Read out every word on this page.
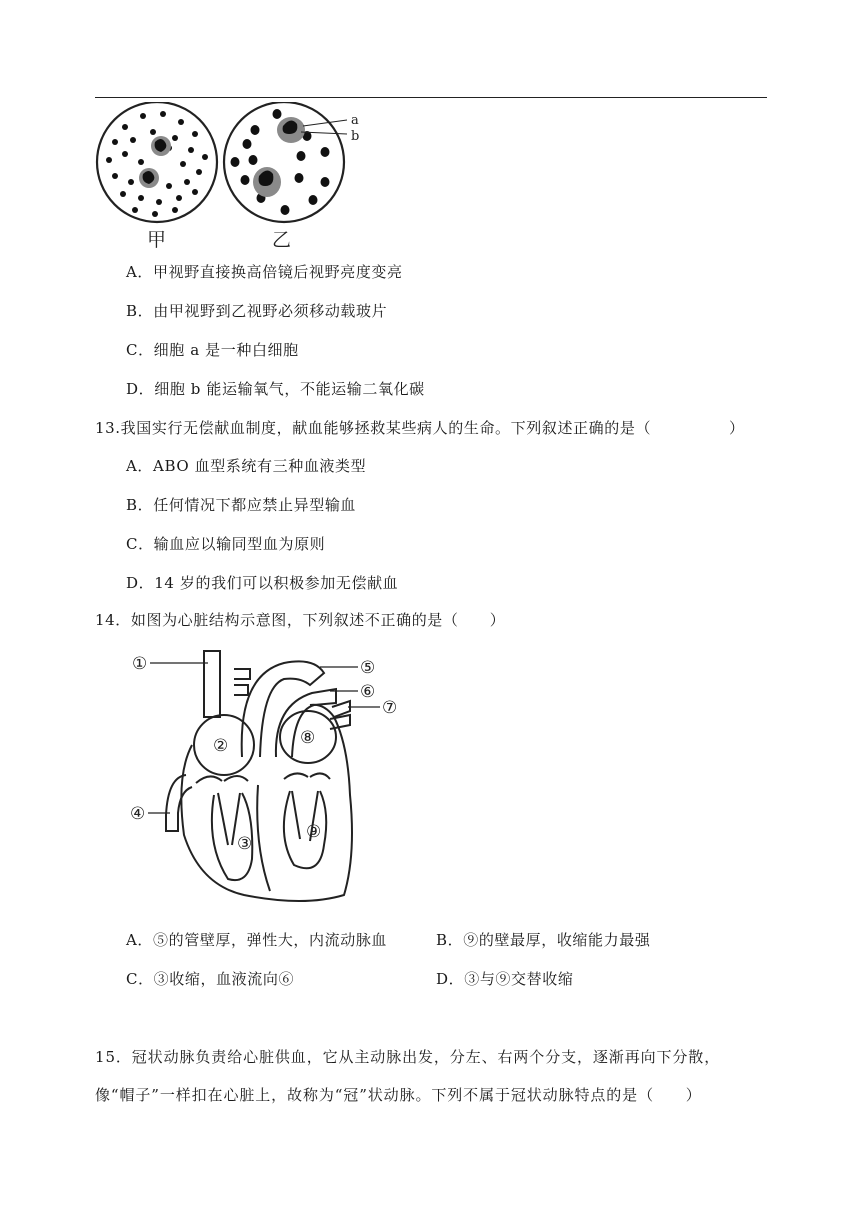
a
b
甲	乙
A．甲视野直接换高倍镜后视野亮度变亮
B．由甲视野到乙视野必须移动载玻片
C．细胞 a 是一种白细胞
D．细胞 b 能运输氧气，不能运输二氧化碳
13.我国实行无偿献血制度，献血能够拯救某些病人的生命。下列叙述正确的是（　　　　　）
A．ABO 血型系统有三种血液类型
B．任何情况下都应禁止异型输血
C．输血应以输同型血为原则
D．14 岁的我们可以积极参加无偿献血
14．如图为心脏结构示意图，下列叙述不正确的是（　　）
①
②
③
④
⑤
⑥
⑦
⑧
⑨
A．⑤的管壁厚，弹性大，内流动脉血	B．⑨的壁最厚，收缩能力最强
C．③收缩，血液流向⑥	D．③与⑨交替收缩
15．冠状动脉负责给心脏供血，它从主动脉出发，分左、右两个分支，逐渐再向下分散，
像“帽子”一样扣在心脏上，故称为“冠”状动脉。下列不属于冠状动脉特点的是（　　）
